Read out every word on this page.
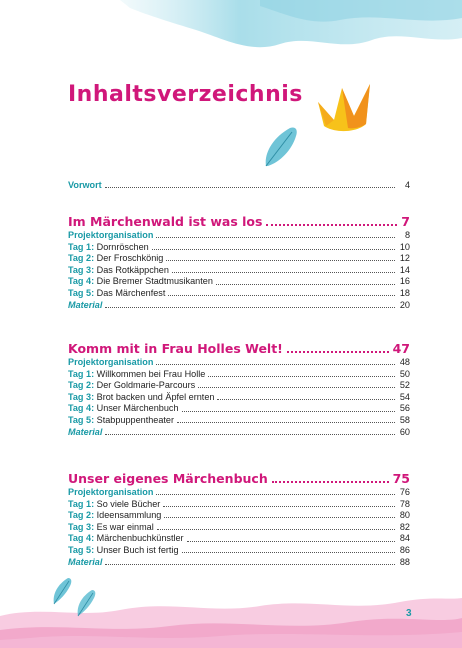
Inhaltsverzeichnis
Vorwort	4
Im Märchenwald ist was los	7
Projektorganisation	8
Tag 1: Dornröschen	10
Tag 2: Der Froschkönig	12
Tag 3: Das Rotkäppchen	14
Tag 4: Die Bremer Stadtmusikanten	16
Tag 5: Das Märchenfest	18
Material	20
Komm mit in Frau Holles Welt!	47
Projektorganisation	48
Tag 1: Willkommen bei Frau Holle	50
Tag 2: Der Goldmarie-Parcours	52
Tag 3: Brot backen und Äpfel ernten	54
Tag 4: Unser Märchenbuch	56
Tag 5: Stabpuppentheater	58
Material	60
Unser eigenes Märchenbuch	75
Projektorganisation	76
Tag 1: So viele Bücher	78
Tag 2: Ideensammlung	80
Tag 3: Es war einmal	82
Tag 4: Märchenbuchkünstler	84
Tag 5: Unser Buch ist fertig	86
Material	88
3
